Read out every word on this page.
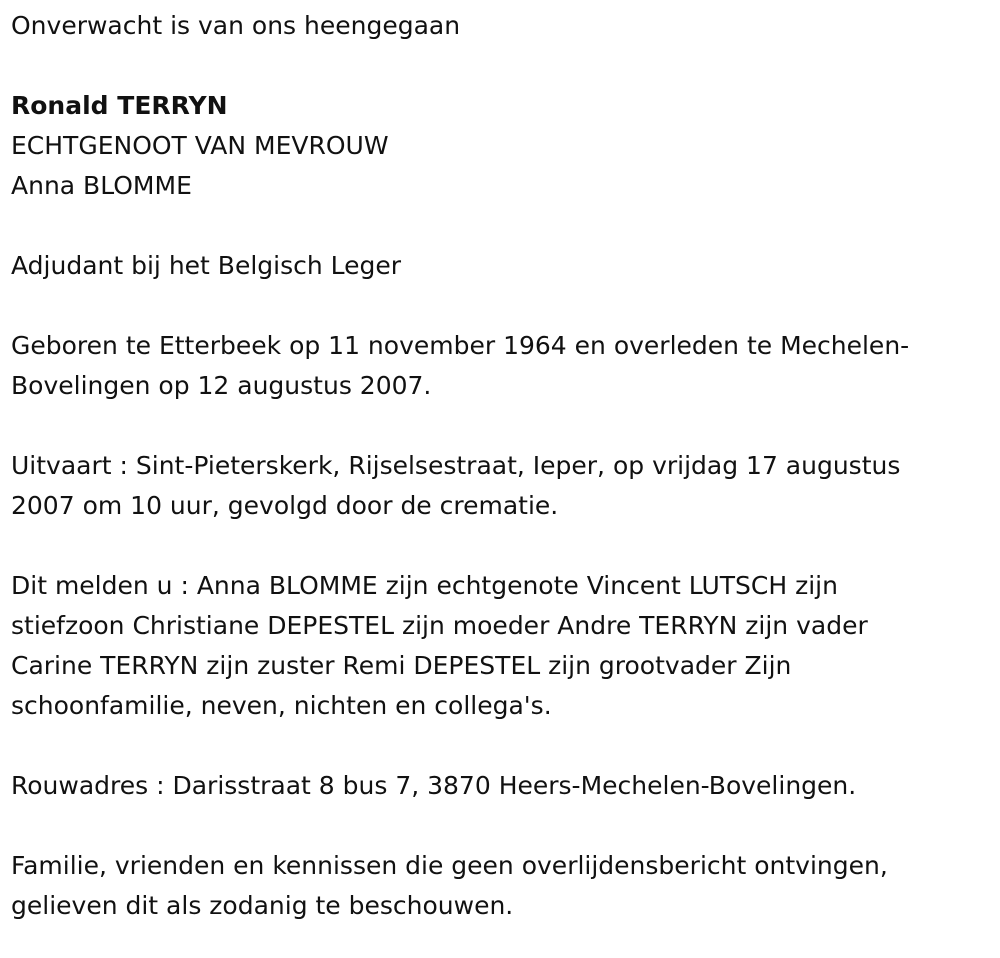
Onverwacht is van ons heengegaan

Ronald TERRYN

ECHTGENOOT VAN MEVROUW

Anna BLOMME

Adjudant bij het Belgisch Leger

Geboren te Etterbeek op 11 november 1964 en overleden te Mechelen-Bovelingen op 12 augustus 2007.

Uitvaart : Sint-Pieterskerk, Rijselsestraat, Ieper, op vrijdag 17 augustus 2007 om 10 uur, gevolgd door de crematie.

Dit melden u : Anna BLOMME zijn echtgenote Vincent LUTSCH zijn stiefzoon Christiane DEPESTEL zijn moeder Andre TERRYN zijn vader Carine TERRYN zijn zuster Remi DEPESTEL zijn grootvader Zijn schoonfamilie, neven, nichten en collega's.

Rouwadres : Darisstraat 8 bus 7, 3870 Heers-Mechelen-Bovelingen.

Familie, vrienden en kennissen die geen overlijdensbericht ontvingen, gelieven dit als zodanig te beschouwen.
